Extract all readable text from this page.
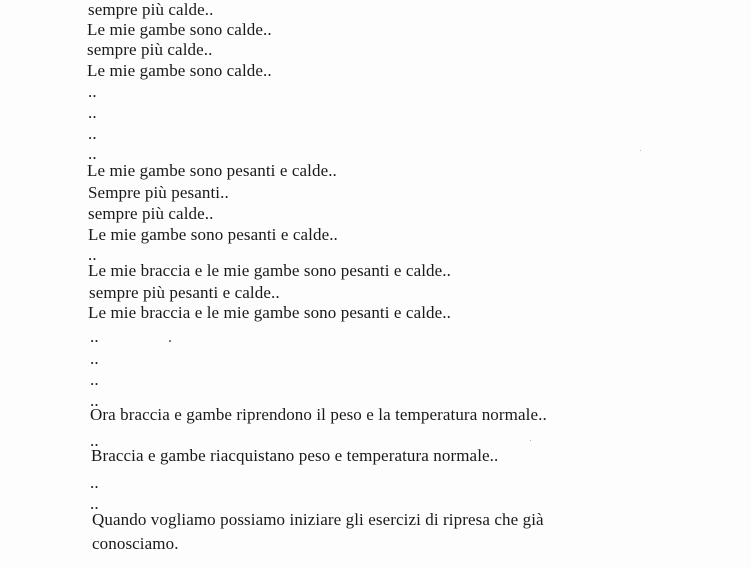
sempre più calde..
Le mie gambe sono calde..
sempre più calde..
Le mie gambe sono calde..
..
..
..
..
Le mie gambe sono pesanti e calde..
Sempre più pesanti..
sempre più calde..
Le mie gambe sono pesanti e calde..
..
Le mie braccia e le mie gambe sono pesanti e calde..
sempre più pesanti e calde..
Le mie braccia e le mie gambe sono pesanti e calde..
..
..
..
..
Ora braccia e gambe riprendono il peso e la temperatura normale..
..
Braccia e gambe riacquistano peso e temperatura normale..
..
..
Quando vogliamo possiamo iniziare gli esercizi di ripresa che già
conosciamo.
